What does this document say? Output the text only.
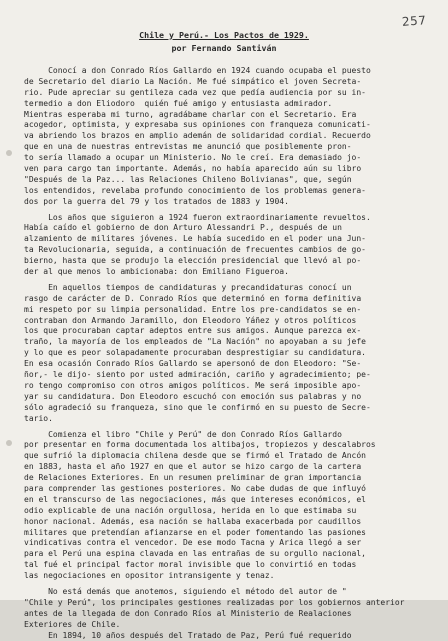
257
Chile y Perú.- Los Pactos de 1929.
por Fernando Santiván
Conocí a don Conrado Ríos Gallardo en 1924 cuando ocupaba el puesto
de Secretario del diario La Nación. Me fué simpático el joven Secreta-
rio. Pude apreciar su gentileza cada vez que pedía audiencia por su in-
termedio a don Eliodoro  quién fué amigo y entusiasta admirador.
Mientras esperaba mi turno, agradábame charlar con el Secretario. Era
acogedor, optimista, y expresaba sus opiniones con franqueza comunicati-
va abriendo los brazos en amplio ademán de solidaridad cordial. Recuerdo
que en una de nuestras entrevistas me anunció que posiblemente pron-
to sería llamado a ocupar un Ministerio. No le creí. Era demasiado jo-
ven para cargo tan importante. Además, no había aparecido aún su libro
"Después de la Paz... las Relaciones Chileno Bolivianas", que, según
los entendidos, revelaba profundo conocimiento de los problemas genera-
dos por la guerra del 79 y los tratados de 1883 y 1904.
Los años que siguieron a 1924 fueron extraordinariamente revueltos.
Había caído el gobierno de don Arturo Alessandri P., después de un
alzamiento de militares jóvenes. Le había sucedido en el poder una Jun-
ta Revolucionaria, seguida, a continuación de frecuentes cambios de go-
bierno, hasta que se produjo la elección presidencial que llevó al po-
der al que menos lo ambicionaba: don Emiliano Figueroa.
En aquellos tiempos de candidaturas y precandidaturas conocí un
rasgo de carácter de D. Conrado Ríos que determinó en forma definitiva
mi respeto por su limpia personalidad. Entre los pre-candidatos se en-
contraban don Armando Jaramillo, don Eleodoro Yáñez y otros políticos
los que procuraban captar adeptos entre sus amigos. Aunque parezca ex-
traño, la mayoría de los empleados de "La Nación" no apoyaban a su jefe
y lo que es peor solapadamente procuraban desprestigiar su candidatura.
En esa ocasión Conrado Ríos Gallardo se apersonó de don Eleodoro: "Se-
ñor,- le dijo- siento por usted admiración, cariño y agradecimiento; pe-
ro tengo compromiso con otros amigos políticos. Me será imposible apo-
yar su candidatura. Don Eleodoro escuchó con emoción sus palabras y no
sólo agradeció su franqueza, sino que le confirmó en su puesto de Secre-
tario.
Comienza el libro "Chile y Perú" de don Conrado Ríos Gallardo
por presentar en forma documentada los altibajos, tropiezos y descalabros
que sufrió la diplomacia chilena desde que se firmó el Tratado de Ancón
en 1883, hasta el año 1927 en que el autor se hizo cargo de la cartera
de Relaciones Exteriores. En un resumen preliminar de gran importancia
para comprender las gestiones posteriores. No cabe dudas de que influyó
en el transcurso de las negociaciones, más que intereses económicos, el
odio explicable de una nación orgullosa, herida en lo que estimaba su
honor nacional. Además, esa nación se hallaba exacerbada por caudillos
militares que pretendían afianzarse en el poder fomentando las pasiones
vindicativas contra el vencedor. De ese modo Tacna y Arica llegó a ser
para el Perú una espina clavada en las entrañas de su orgullo nacional,
tal fué el principal factor moral invisible que lo convirtió en todas
las negociaciones en opositor intransigente y tenaz.
No está demás que anotemos, siguiendo el método del autor de "
"Chile y Perú", los principales gestiones realizadas por los gobiernos anterior
antes de la llegada de don Conrado Ríos al Ministerio de Realaciones
Exteriores de Chile.
En 1894, 10 años después del Tratado de Paz, Perú fué requerido
